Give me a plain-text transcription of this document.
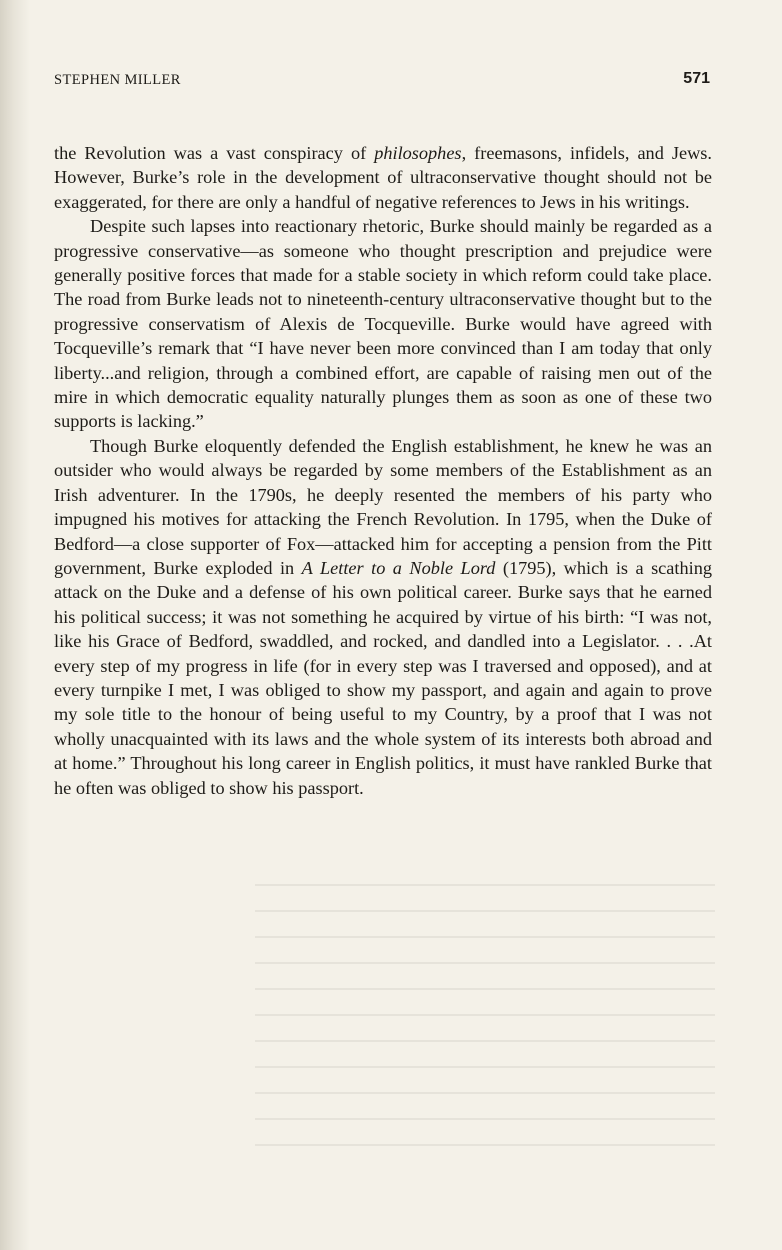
STEPHEN MILLER	571

the Revolution was a vast conspiracy of philosophes, freemasons, infidels, and Jews. However, Burke’s role in the development of ultraconservative thought should not be exaggerated, for there are only a handful of negative references to Jews in his writings.

Despite such lapses into reactionary rhetoric, Burke should mainly be regarded as a progressive conservative—as someone who thought prescription and prejudice were generally positive forces that made for a stable society in which reform could take place. The road from Burke leads not to nineteenth-century ultraconservative thought but to the progressive conservatism of Alexis de Tocqueville. Burke would have agreed with Tocqueville’s remark that “I have never been more convinced than I am today that only liberty...and religion, through a combined effort, are capable of raising men out of the mire in which democratic equality naturally plunges them as soon as one of these two supports is lacking.”

Though Burke eloquently defended the English establishment, he knew he was an outsider who would always be regarded by some members of the Establishment as an Irish adventurer. In the 1790s, he deeply resented the members of his party who impugned his motives for attacking the French Revolution. In 1795, when the Duke of Bedford—a close supporter of Fox—attacked him for accepting a pension from the Pitt government, Burke exploded in A Letter to a Noble Lord (1795), which is a scathing attack on the Duke and a defense of his own political career. Burke says that he earned his political success; it was not something he acquired by virtue of his birth: “I was not, like his Grace of Bedford, swaddled, and rocked, and dandled into a Legislator. . . .At every step of my progress in life (for in every step was I traversed and opposed), and at every turnpike I met, I was obliged to show my passport, and again and again to prove my sole title to the honour of being useful to my Country, by a proof that I was not wholly unacquainted with its laws and the whole system of its interests both abroad and at home.” Throughout his long career in English politics, it must have rankled Burke that he often was obliged to show his passport.
